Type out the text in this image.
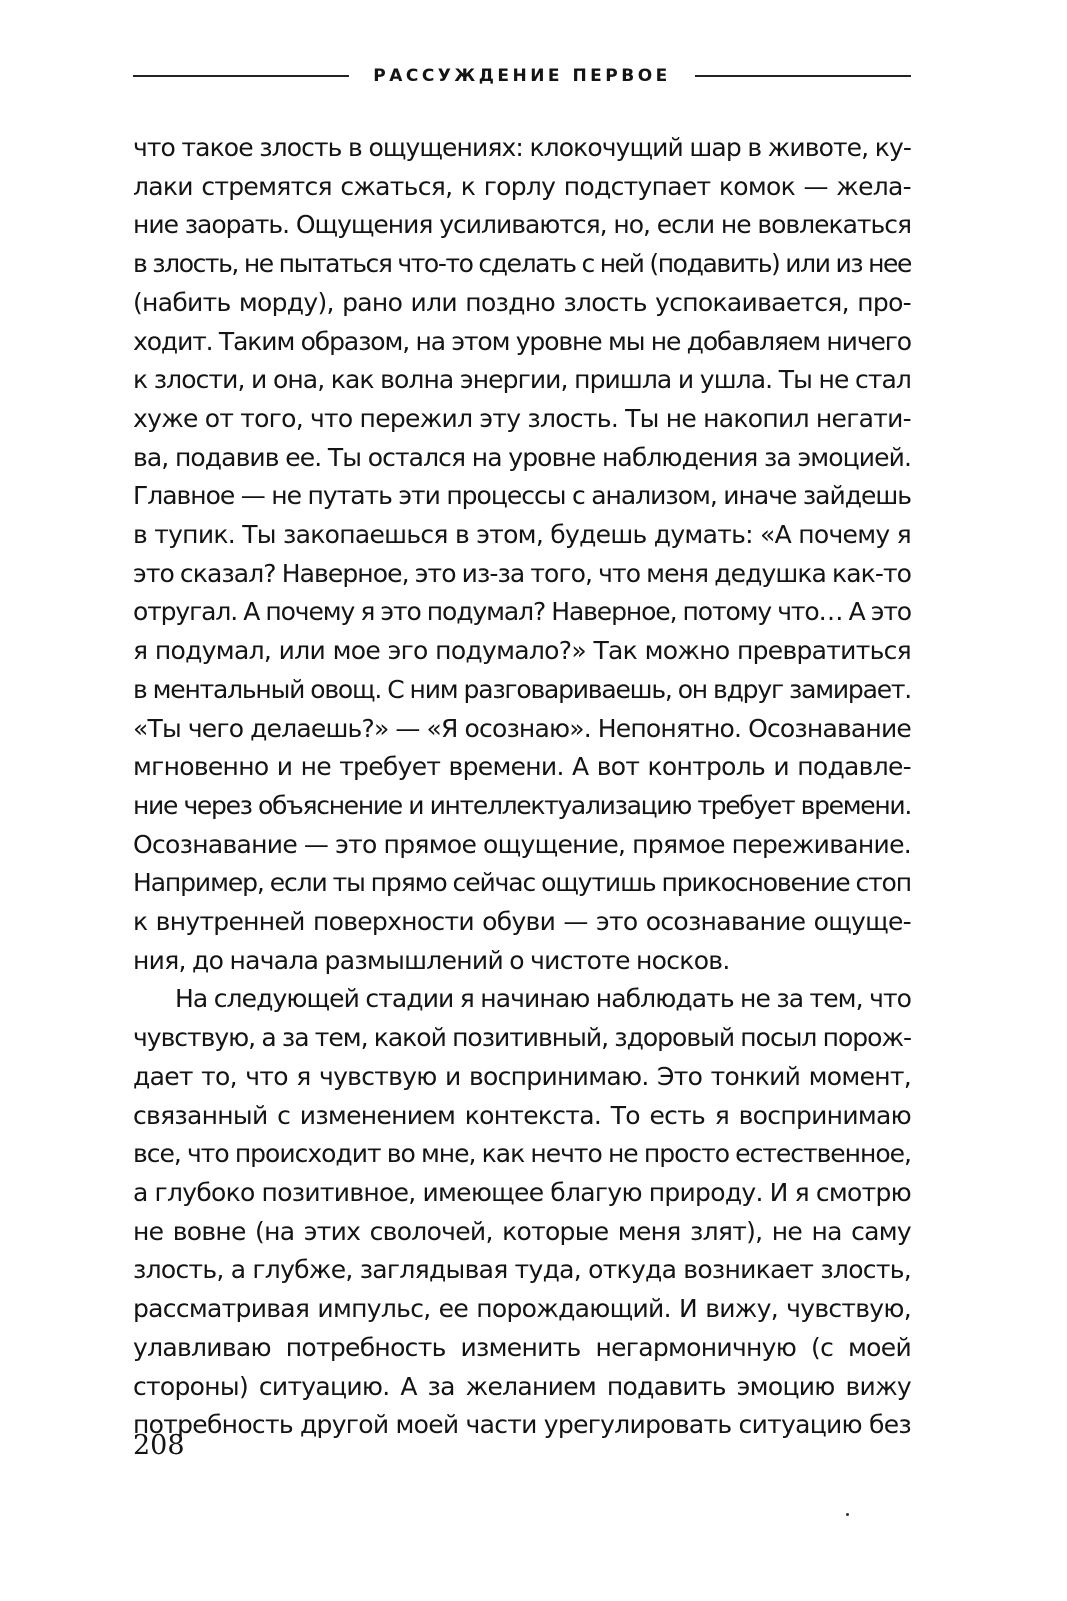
РАССУЖДЕНИЕ ПЕРВОЕ
что такое злость в ощущениях: клокочущий шар в животе, ку-
лаки стремятся сжаться, к горлу подступает комок — жела-
ние заорать. Ощущения усиливаются, но, если не вовлекаться
в злость, не пытаться что-то сделать с ней (подавить) или из нее
(набить морду), рано или поздно злость успокаивается, про-
ходит. Таким образом, на этом уровне мы не добавляем ничего
к злости, и она, как волна энергии, пришла и ушла. Ты не стал
хуже от того, что пережил эту злость. Ты не накопил негати-
ва, подавив ее. Ты остался на уровне наблюдения за эмоцией.
Главное — не путать эти процессы с анализом, иначе зайдешь
в тупик. Ты закопаешься в этом, будешь думать: «А почему я
это сказал? Наверное, это из-за того, что меня дедушка как-то
отругал. А почему я это подумал? Наверное, потому что… А это
я подумал, или мое эго подумало?» Так можно превратиться
в ментальный овощ. С ним разговариваешь, он вдруг замирает.
«Ты чего делаешь?» — «Я осознаю». Непонятно. Осознавание
мгновенно и не требует времени. А вот контроль и подавле-
ние через объяснение и интеллектуализацию требует времени.
Осознавание — это прямое ощущение, прямое переживание.
Например, если ты прямо сейчас ощутишь прикосновение стоп
к внутренней поверхности обуви — это осознавание ощуще-
ния, до начала размышлений о чистоте носков.
На следующей стадии я начинаю наблюдать не за тем, что
чувствую, а за тем, какой позитивный, здоровый посыл порож-
дает то, что я чувствую и воспринимаю. Это тонкий момент,
связанный с изменением контекста. То есть я воспринимаю
все, что происходит во мне, как нечто не просто естественное,
а глубоко позитивное, имеющее благую природу. И я смотрю
не вовне (на этих сволочей, которые меня злят), не на саму
злость, а глубже, заглядывая туда, откуда возникает злость,
рассматривая импульс, ее порождающий. И вижу, чувствую,
улавливаю потребность изменить негармоничную (с моей
стороны) ситуацию. А за желанием подавить эмоцию вижу
потребность другой моей части урегулировать ситуацию без
208
